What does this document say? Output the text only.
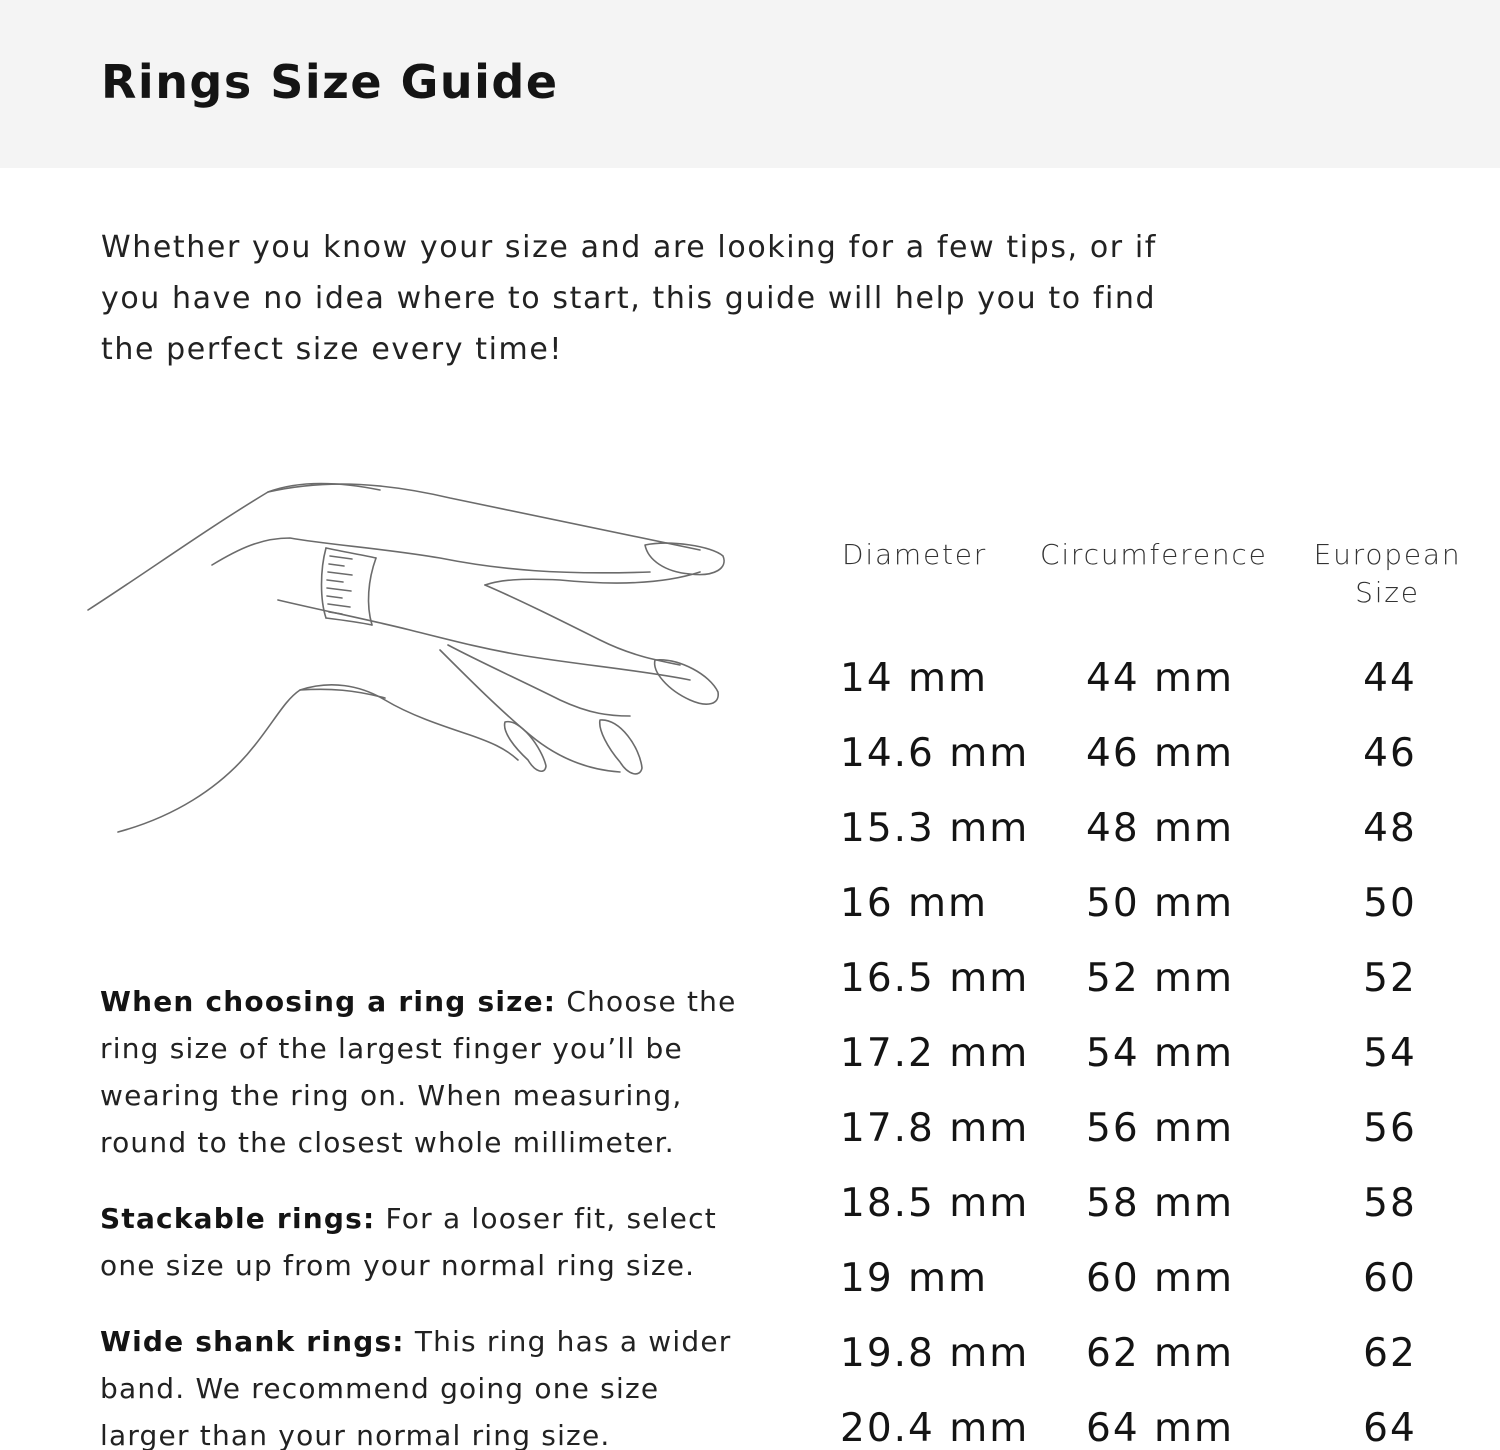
Rings Size Guide

Whether you know your size and are looking for a few tips, or if
you have no idea where to start, this guide will help you to find
the perfect size every time!

When choosing a ring size: Choose the
ring size of the largest finger you’ll be
wearing the ring on. When measuring,
round to the closest whole millimeter.

Stackable rings: For a looser fit, select
one size up from your normal ring size.

Wide shank rings: This ring has a wider
band. We recommend going one size
larger than your normal ring size.

Diameter Circumference European
Size
14 mm	44 mm	44
14.6 mm 46 mm	46
15.3 mm 48 mm	48
16 mm	50 mm	50
16.5 mm 52 mm	52
17.2 mm 54 mm	54
17.8 mm 56 mm	56
18.5 mm 58 mm	58
19 mm	60 mm	60
19.8 mm 62 mm	62
20.4 mm 64 mm	64
